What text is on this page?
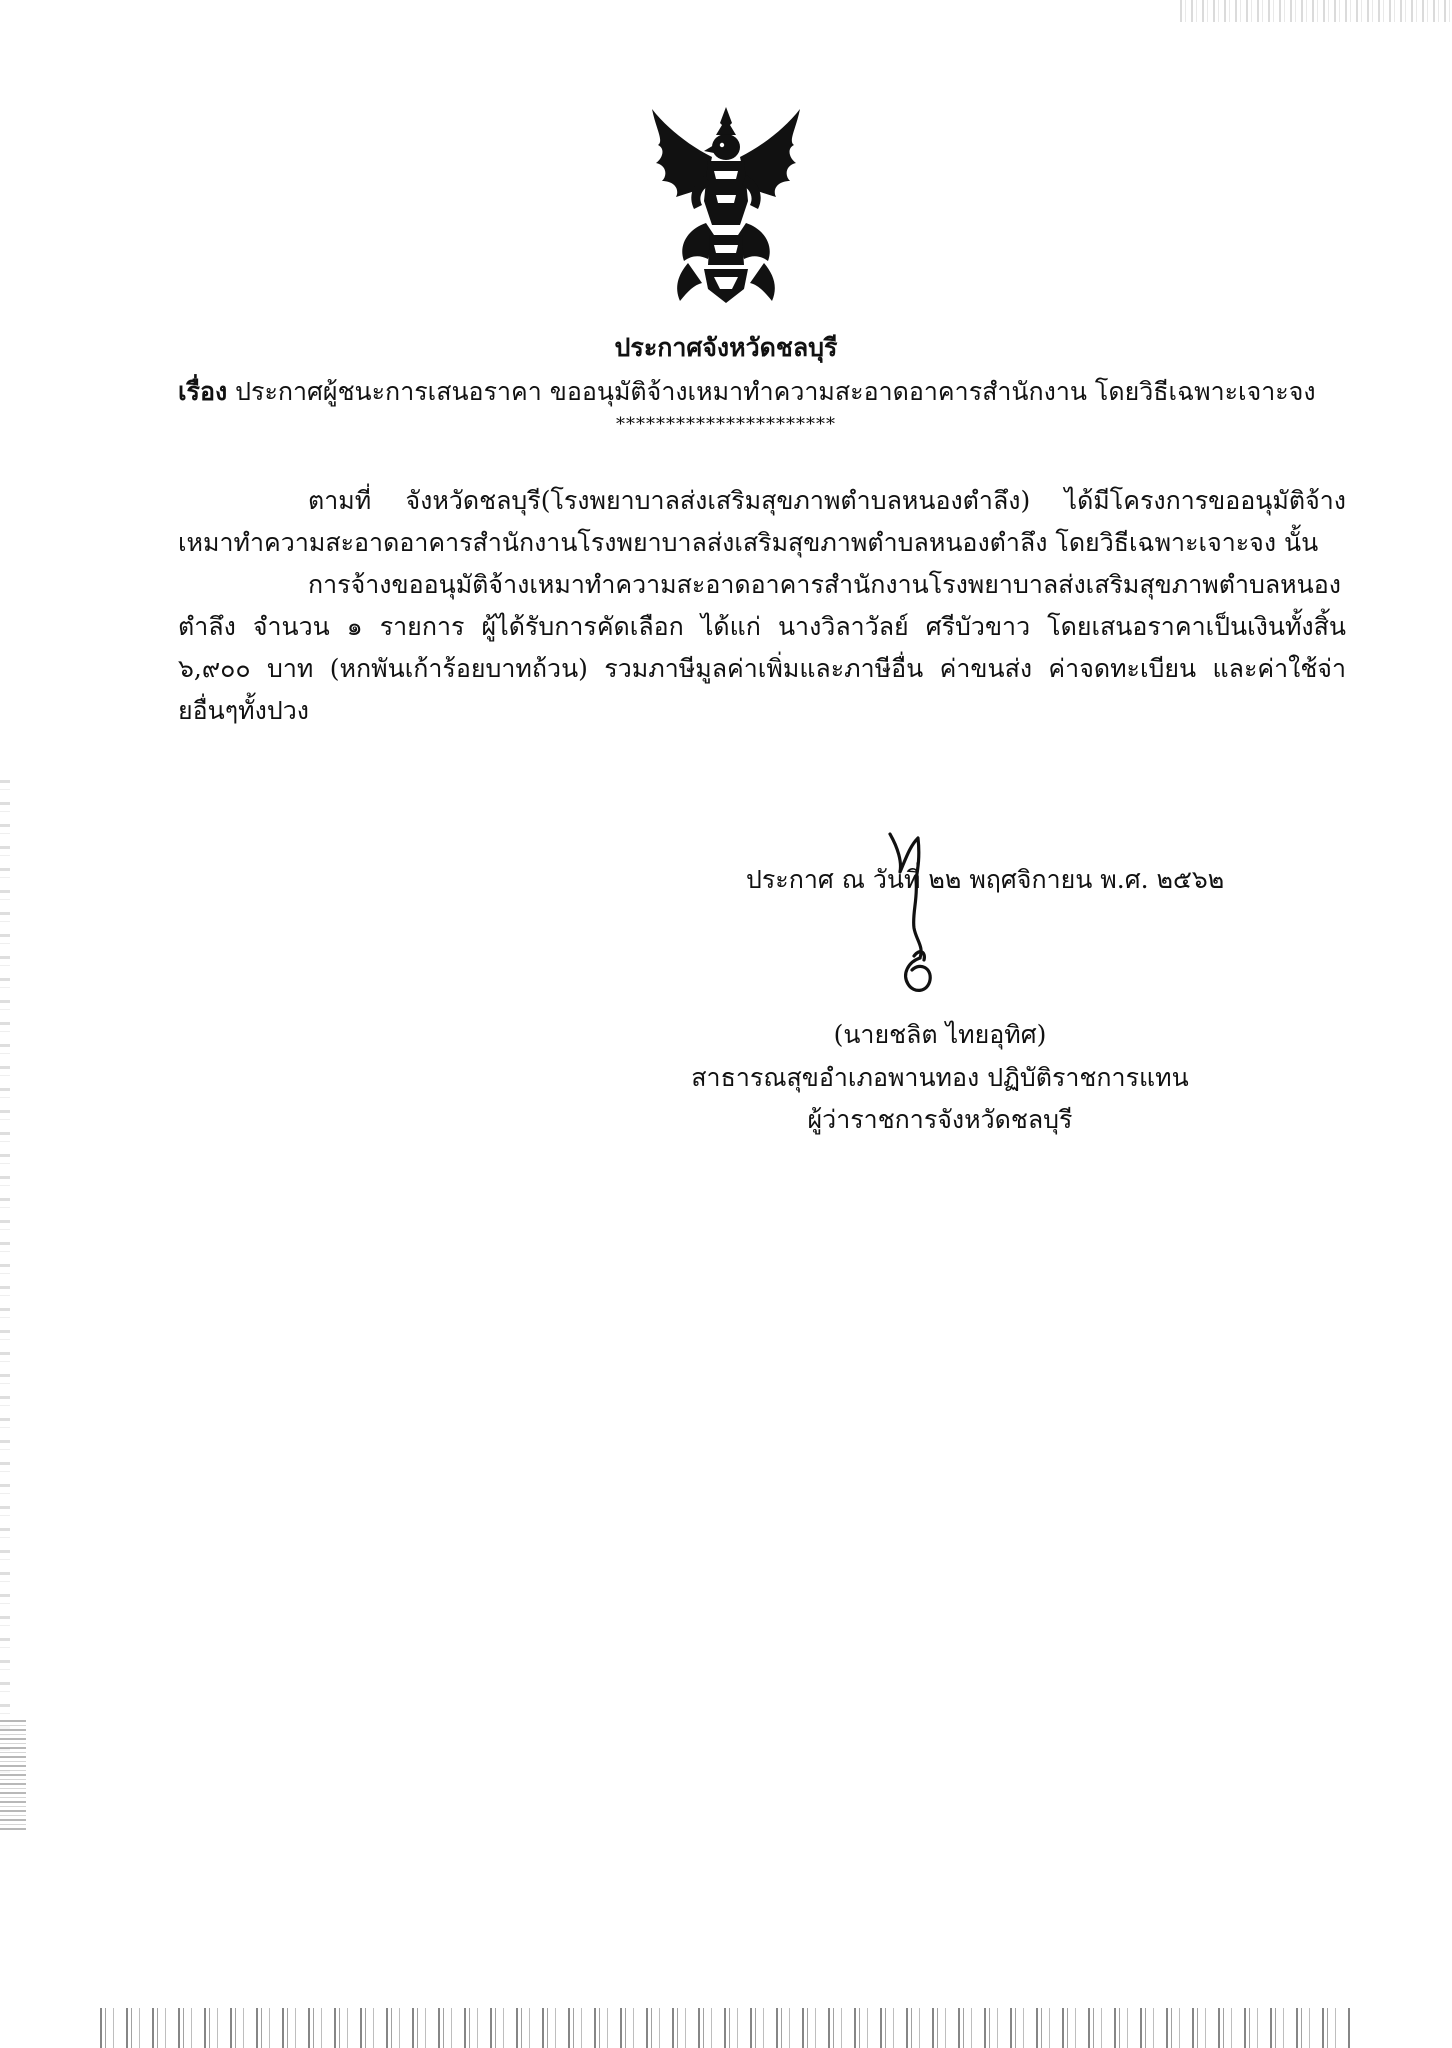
ประกาศจังหวัดชลบุรี
เรื่อง ประกาศผู้ชนะการเสนอราคา ขออนุมัติจ้างเหมาทำความสะอาดอาคารสำนักงาน โดยวิธีเฉพาะเจาะจง
**********************
ตามที่ จังหวัดชลบุรี(โรงพยาบาลส่งเสริมสุขภาพตำบลหนองตำลึง) ได้มีโครงการขออนุมัติจ้างเหมาทำความสะอาดอาคารสำนักงานโรงพยาบาลส่งเสริมสุขภาพตำบลหนองตำลึง โดยวิธีเฉพาะเจาะจง นั้น
การจ้างขออนุมัติจ้างเหมาทำความสะอาดอาคารสำนักงานโรงพยาบาลส่งเสริมสุขภาพตำบลหนองตำลึง จำนวน ๑ รายการ ผู้ได้รับการคัดเลือก ได้แก่ นางวิลาวัลย์ ศรีบัวขาว โดยเสนอราคาเป็นเงินทั้งสิ้น ๖,๙๐๐ บาท (หกพันเก้าร้อยบาทถ้วน) รวมภาษีมูลค่าเพิ่มและภาษีอื่น ค่าขนส่ง ค่าจดทะเบียน และค่าใช้จ่ายอื่นๆทั้งปวง
ประกาศ ณ วันที่ ๒๒ พฤศจิกายน พ.ศ. ๒๕๖๒
(นายชลิต ไทยอุทิศ)
สาธารณสุขอำเภอพานทอง ปฏิบัติราชการแทน
ผู้ว่าราชการจังหวัดชลบุรี
